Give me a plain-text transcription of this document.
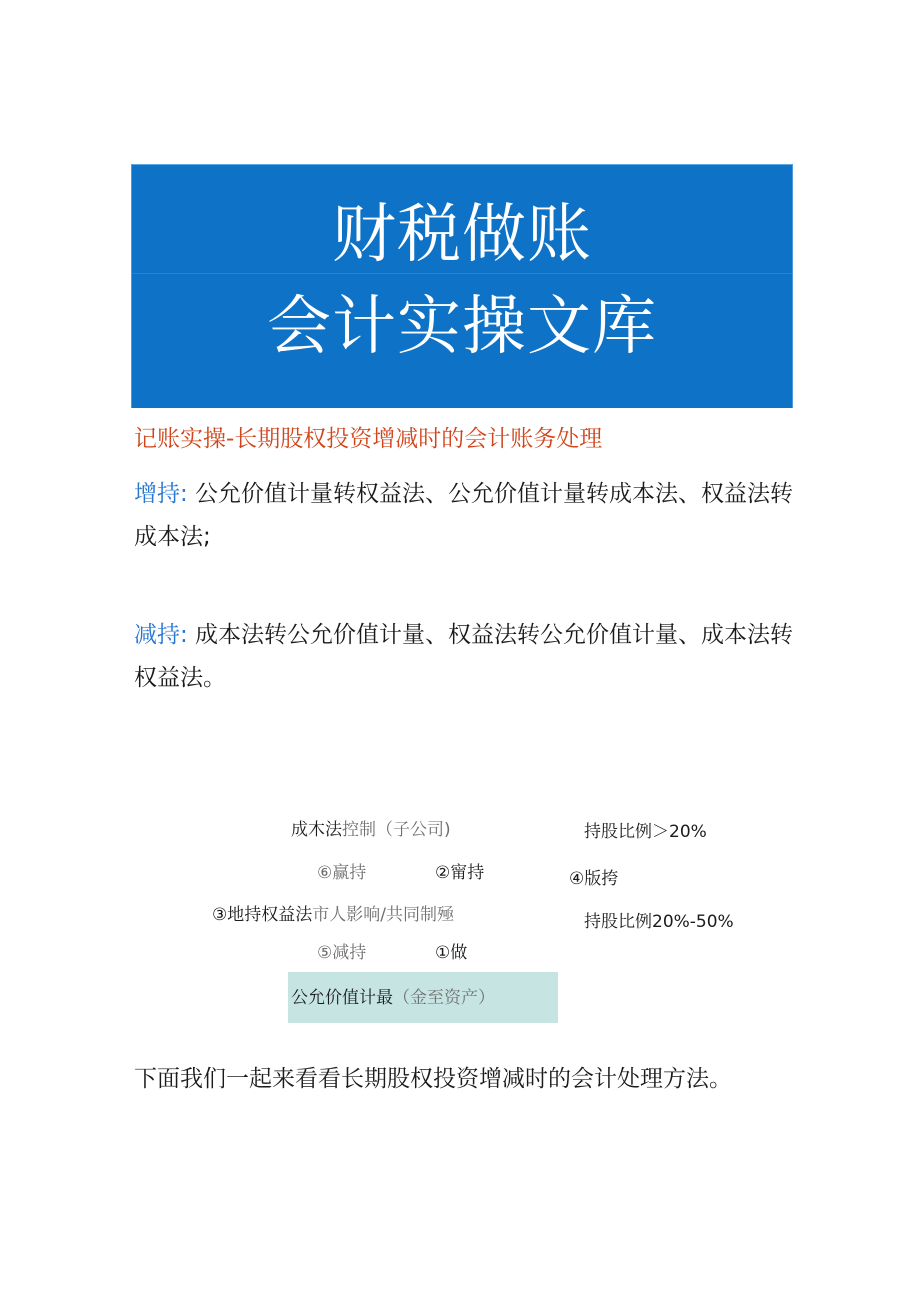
财税做账
会计实操文库
记账实操-长期股权投资增减时的会计账务处理
增持: 公允价值计量转权益法、公允价值计量转成本法、权益法转成本法;
减持: 成本法转公允价值计量、权益法转公允价值计量、成本法转权益法。
成木法控制（子公司)	持股比例＞20%
⑥赢持	②甯持	④版挎
③地持权益法市人影响/共同制殛	持股比例20%-50%
⑤减持	①做
公允价值计最（金至资产）
下面我们一起来看看长期股权投资增减时的会计处理方法。
